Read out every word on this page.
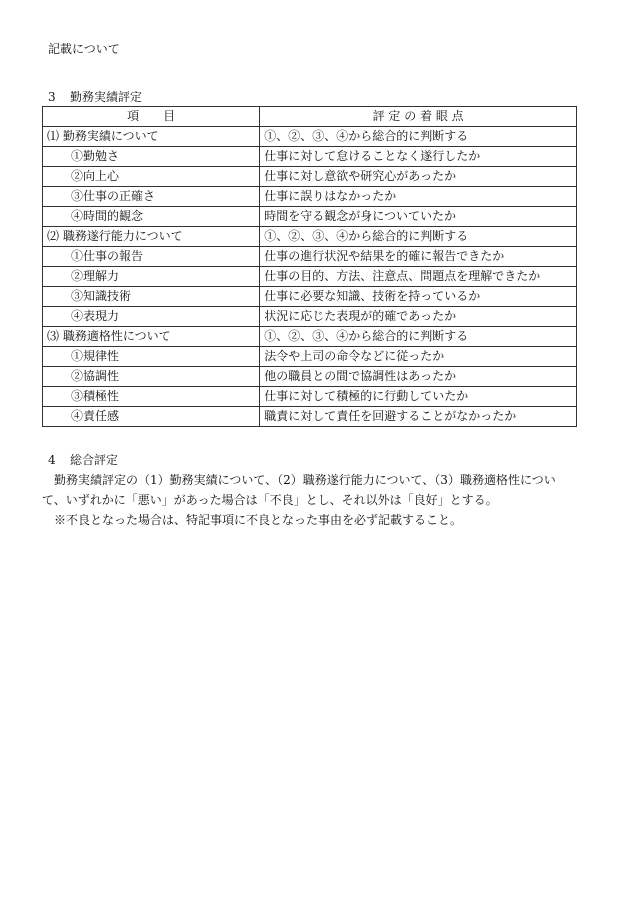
記載について
3 勤務実績評定
項　　目	評 定 の 着 眼 点
⑴ 勤務実績について	①、②、③、④から総合的に判断する
①勤勉さ	仕事に対して怠けることなく遂行したか
②向上心	仕事に対し意欲や研究心があったか
③仕事の正確さ	仕事に誤りはなかったか
④時間的観念	時間を守る観念が身についていたか
⑵ 職務遂行能力について	①、②、③、④から総合的に判断する
①仕事の報告	仕事の進行状況や結果を的確に報告できたか
②理解力	仕事の目的、方法、注意点、問題点を理解できたか
③知識技術	仕事に必要な知識、技術を持っているか
④表現力	状況に応じた表現が的確であったか
⑶ 職務適格性について	①、②、③、④から総合的に判断する
①規律性	法令や上司の命令などに従ったか
②協調性	他の職員との間で協調性はあったか
③積極性	仕事に対して積極的に行動していたか
④責任感	職責に対して責任を回避することがなかったか
4 総合評定

勤務実績評定の（1）勤務実績について、（2）職務遂行能力について、（3）職務適格性について、いずれかに「悪い」があった場合は「不良」とし、それ以外は「良好」とする。

※不良となった場合は、特記事項に不良となった事由を必ず記載すること。
